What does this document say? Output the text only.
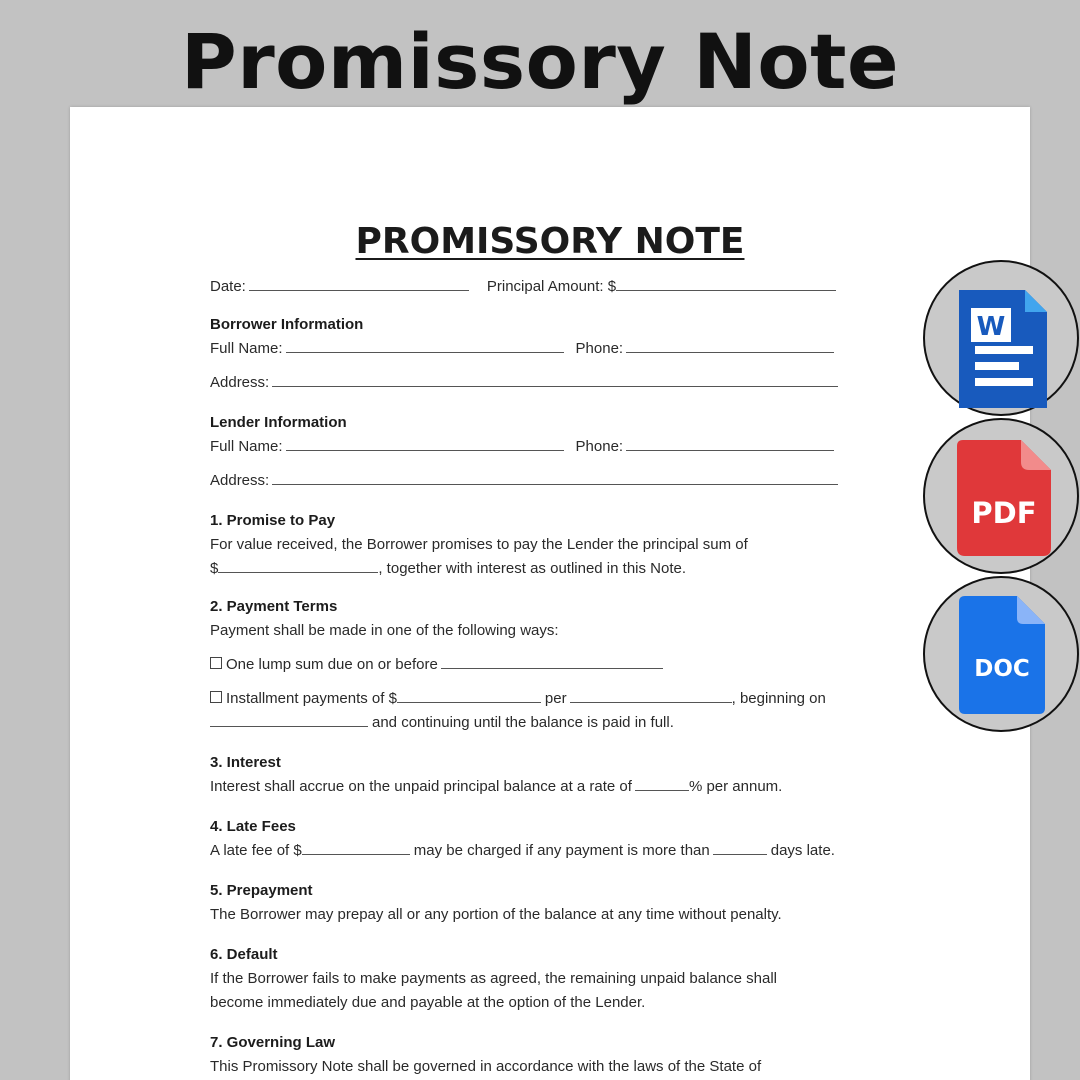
Promissory Note
PROMISSORY NOTE
Date:	Principal Amount: $
Borrower Information
Full Name:	Phone:
Address:
Lender Information
Full Name:	Phone:
Address:
1. Promise to Pay

For value received, the Borrower promises to pay the Lender the principal sum of

$	, together with interest as outlined in this Note.
2. Payment Terms

Payment shall be made in one of the following ways:

One lump sum due on or before
Installment payments of $	per	, beginning on
and continuing until the balance is paid in full.
3. Interest
Interest shall accrue on the unpaid principal balance at a rate of	% per annum.
4. Late Fees
A late fee of $	may be charged if any payment is more than	days late.
5. Prepayment

The Borrower may prepay all or any portion of the balance at any time without penalty.

6. Default

If the Borrower fails to make payments as agreed, the remaining unpaid balance shall

become immediately due and payable at the option of the Lender.

7. Governing Law

This Promissory Note shall be governed in accordance with the laws of the State of

W
PDF
DOC
